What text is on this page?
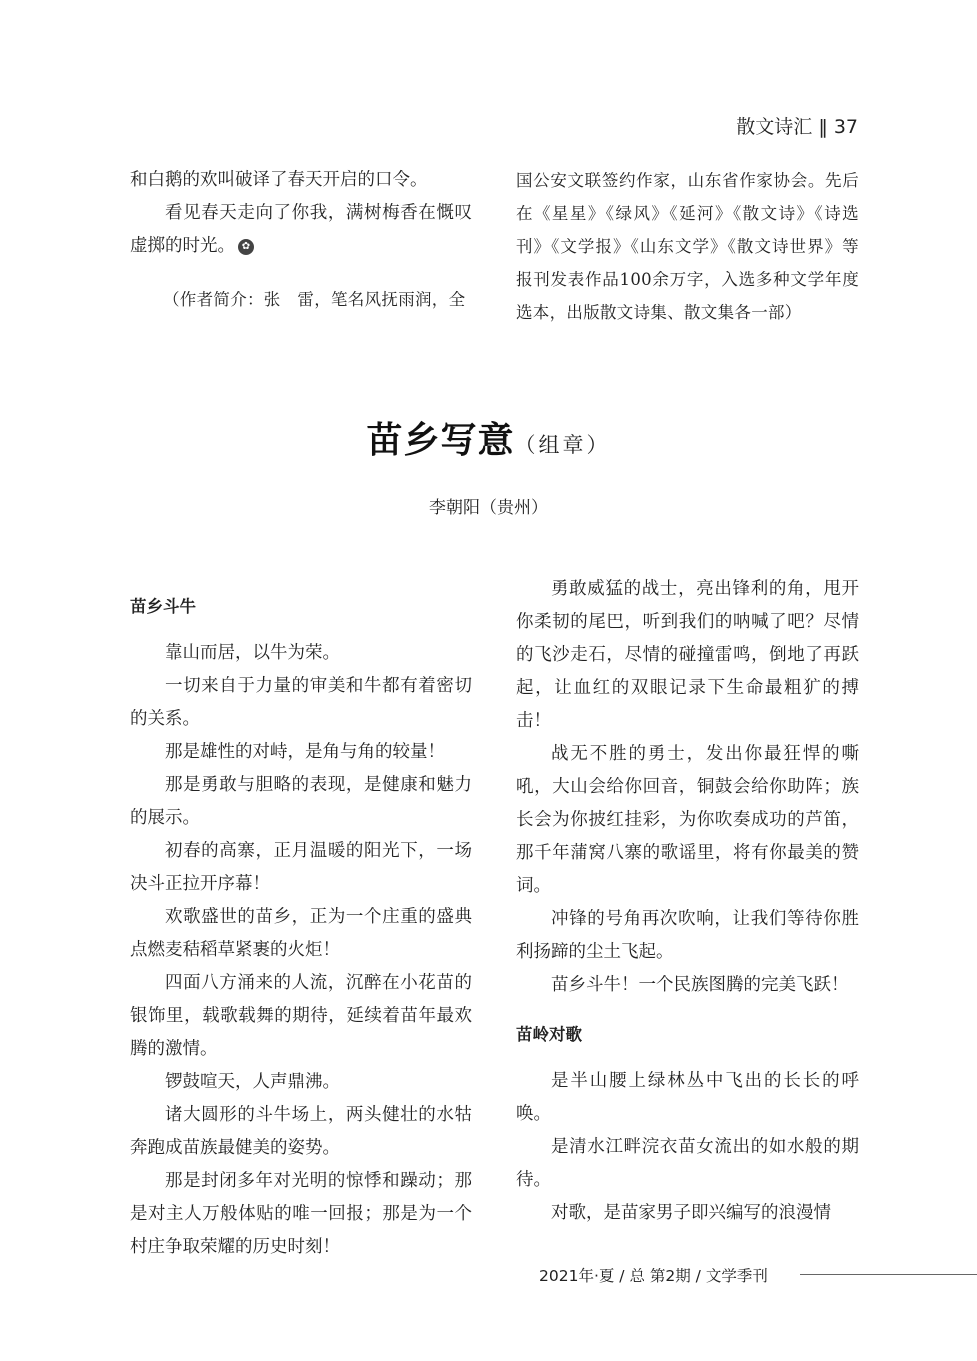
散文诗汇 ‖ 37

和白鹅的欢叫破译了春天开启的口令。

看见春天走向了你我，满树梅香在慨叹虚掷的时光。 ✿

（作者简介：张　雷，笔名风抚雨润，全

国公安文联签约作家，山东省作家协会。先后在《星星》《绿风》《延河》《散文诗》《诗选刊》《文学报》《山东文学》《散文诗世界》等报刊发表作品100余万字，入选多种文学年度选本，出版散文诗集、散文集各一部）

苗乡写意（组章）
李朝阳（贵州）

苗乡斗牛

靠山而居，以牛为荣。

一切来自于力量的审美和牛都有着密切的关系。

那是雄性的对峙，是角与角的较量！

那是勇敢与胆略的表现，是健康和魅力的展示。

初春的高寨，正月温暖的阳光下，一场决斗正拉开序幕！

欢歌盛世的苗乡，正为一个庄重的盛典点燃麦秸稻草紧裹的火炬！

四面八方涌来的人流，沉醉在小花苗的银饰里，载歌载舞的期待，延续着苗年最欢腾的激情。

锣鼓喧天，人声鼎沸。

诸大圆形的斗牛场上，两头健壮的水牯奔跑成苗族最健美的姿势。

那是封闭多年对光明的惊悸和躁动；那是对主人万般体贴的唯一回报；那是为一个村庄争取荣耀的历史时刻！

勇敢威猛的战士，亮出锋利的角，甩开你柔韧的尾巴，听到我们的呐喊了吧？尽情的飞沙走石，尽情的碰撞雷鸣，倒地了再跃起，让血红的双眼记录下生命最粗犷的搏击！

战无不胜的勇士，发出你最狂悍的嘶吼，大山会给你回音，铜鼓会给你助阵；族长会为你披红挂彩，为你吹奏成功的芦笛，那千年蒲窝八寨的歌谣里，将有你最美的赞词。

冲锋的号角再次吹响，让我们等待你胜利扬蹄的尘土飞起。

苗乡斗牛！一个民族图腾的完美飞跃！

苗岭对歌

是半山腰上绿林丛中飞出的长长的呼唤。

是清水江畔浣衣苗女流出的如水般的期待。

对歌，是苗家男子即兴编写的浪漫情

2021年·夏 / 总 第2期 / 文学季刊
